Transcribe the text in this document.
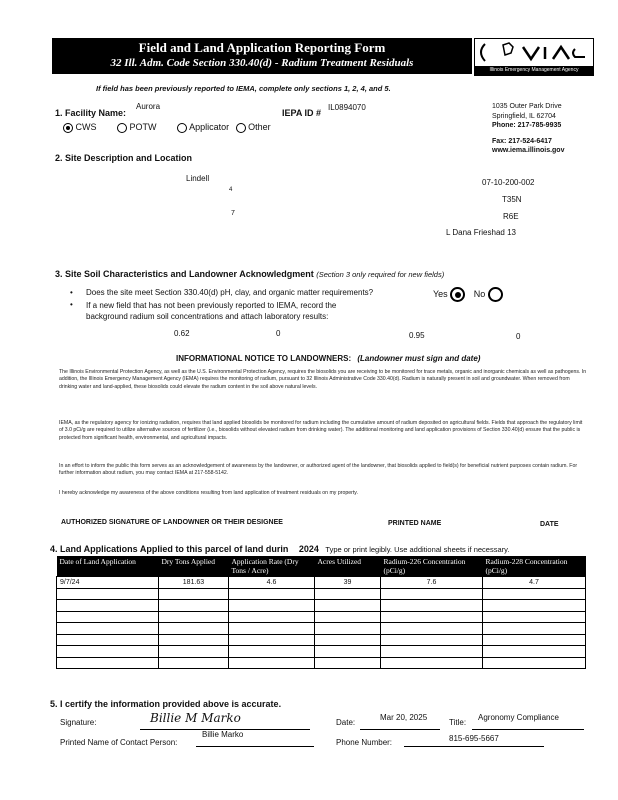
Field and Land Application Reporting Form
32 Ill. Adm. Code Section 330.40(d) - Radium Treatment Residuals
Illinois Emergency Management Agency
If field has been previously reported to IEMA, complete only sections 1, 2, 4, and 5.
1. Facility Name:
Aurora
IEPA ID #
IL0894070
CWS	POTW	Applicator Other
1035 Outer Park Drive
Springfield, IL 62704
Phone: 217-785-9935
Fax: 217-524-6417
www.iema.illinois.gov
2. Site Description and Location
Lindell
4
7
07-10-200-002
T35N
R6E
L Dana Frieshad 13
3. Site Soil Characteristics and Landowner Acknowledgment (Section 3 only required for new fields)
• Does the site meet Section 330.40(d) pH, clay, and organic matter requirements?	Yes	No
• If a new field that has not been previously reported to IEMA, record the
background radium soil concentrations and attach laboratory results:
0.62	0	0.95	0
INFORMATIONAL NOTICE TO LANDOWNERS: (Landowner must sign and date)
The Illinois Environmental Protection Agency, as well as the U.S. Environmental Protection Agency, requires the biosolids you are receiving to be monitored for trace metals, organic and inorganic chemicals as well as pathogens. In addition, the Illinois Emergency Management Agency (IEMA) requires the monitoring of radium, pursuant to 32 Illinois Administrative Code 330.40(d). Radium is naturally present in soil and groundwater. When removed from drinking water and land-applied, these biosolids could elevate the radium content in the soil above natural levels.
IEMA, as the regulatory agency for ionizing radiation, requires that land applied biosolids be monitored for radium including the cumulative amount of radium deposited on agricultural fields. Fields that approach the regulatory limit of 3.0 pCi/g are required to utilize alternative sources of fertilizer (i.e., biosolids without elevated radium from drinking water). The additional monitoring and land application provisions of Section 330.40(d) ensure that the public is protected from significant health, environmental, and agricultural impacts.
In an effort to inform the public this form serves as an acknowledgement of awareness by the landowner, or authorized agent of the landowner, that biosolids applied to field(s) for beneficial nutrient purposes contain radium. For further information about radium, you may contact IEMA at 217-558-5142.
I hereby acknowledge my awareness of the above conditions resulting from land application of treatment residuals on my property.
AUTHORIZED SIGNATURE OF LANDOWNER OR THEIR DESIGNEE	PRINTED NAME	DATE
4. Land Applications Applied to this parcel of land durin 2024 Type or print legibly. Use additional sheets if necessary.
Date of Land Application	Dry Tons Applied	Application Rate (Dry Tons / Acre)	Acres Utilized	Radium-226 Concentration (pCi/g)	Radium-228 Concentration (pCi/g)
9/7/24	181.63	4.6	39	7.6	4.7

5. I certify the information provided above is accurate.
Signature:	Billie M Marko	Date:
Mar 20, 2025
Title:
Agronomy Compliance
Printed Name of Contact Person:
Billie Marko
Phone Number:	815-695-5667
